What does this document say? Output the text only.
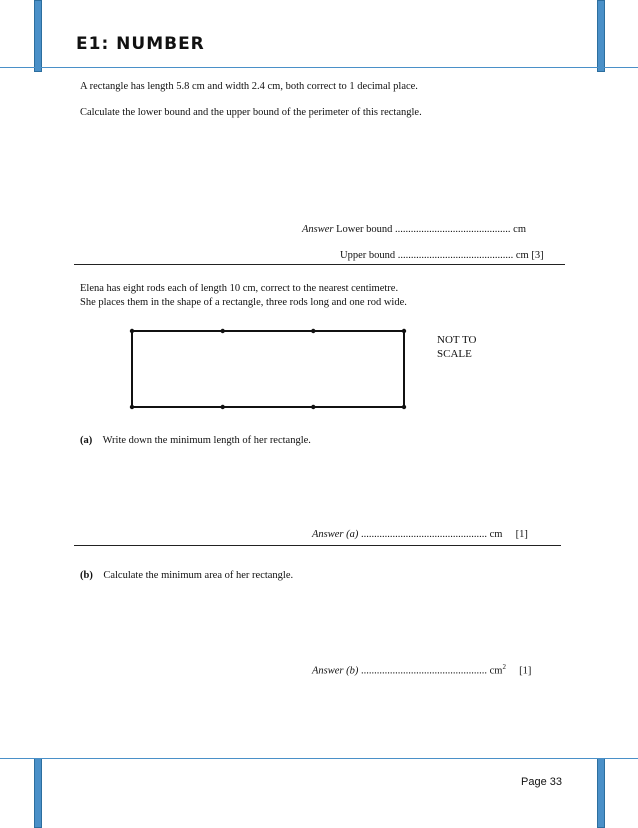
E1: NUMBER
A rectangle has length 5.8 cm and width 2.4 cm, both correct to 1 decimal place.
Calculate the lower bound and the upper bound of the perimeter of this rectangle.
Answer Lower bound ............................................ cm
Upper bound ............................................ cm [3]
Elena has eight rods each of length 10 cm, correct to the nearest centimetre.
She places them in the shape of a rectangle, three rods long and one rod wide.
NOT TO
SCALE
(a) Write down the minimum length of her rectangle.
Answer (a) ................................................ cm [1]
(b) Calculate the minimum area of her rectangle.
Answer (b) ................................................ $cm^2$ [1]
Page 33
